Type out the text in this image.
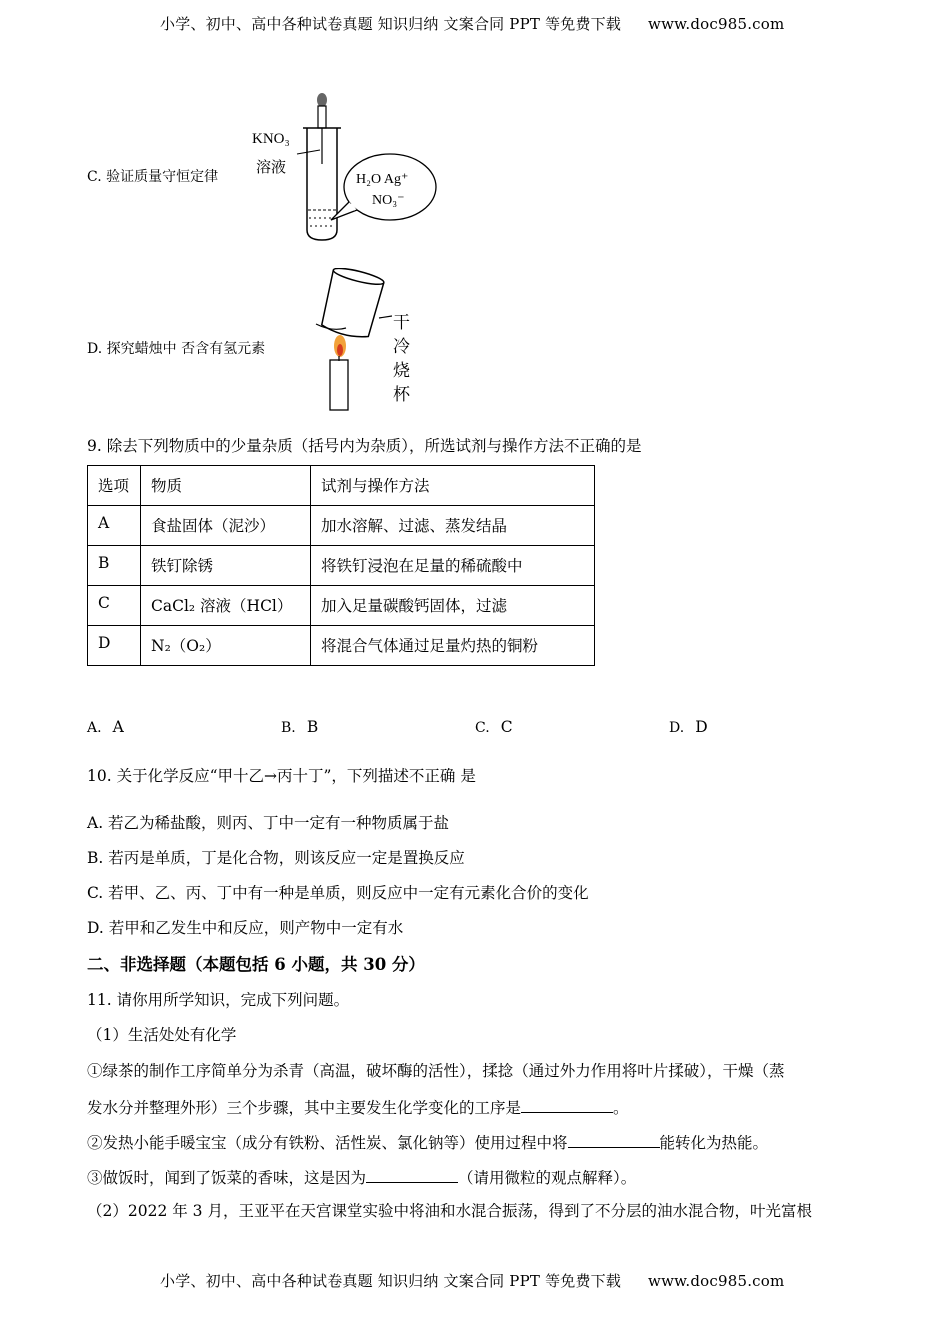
小学、初中、高中各种试卷真题 知识归纳 文案合同 PPT 等免费下载 www.doc985.com
C. 验证质量守恒定律
KNO₃
溶液
H₂O Ag⁺
NO₃⁻
D. 探究蜡烛中 否含有氢元素
干
冷
烧
杯
9. 除去下列物质中的少量杂质（括号内为杂质），所选试剂与操作方法不正确的是
选项	物质	试剂与操作方法
A	食盐固体（泥沙）	加水溶解、过滤、蒸发结晶
B	铁钉除锈	将铁钉浸泡在足量的稀硫酸中
C	CaCl₂ 溶液（HCl）	加入足量碳酸钙固体，过滤
D	N₂（O₂）	将混合气体通过足量灼热的铜粉
A. A	B. B	C. C	D. D
10. 关于化学反应“甲十乙→丙十丁”，下列描述不正确 是
A. 若乙为稀盐酸，则丙、丁中一定有一种物质属于盐
B. 若丙是单质，丁是化合物，则该反应一定是置换反应
C. 若甲、乙、丙、丁中有一种是单质，则反应中一定有元素化合价的变化
D. 若甲和乙发生中和反应，则产物中一定有水
二、非选择题（本题包括 6 小题，共 30 分）
11. 请你用所学知识，完成下列问题。
（1）生活处处有化学
①绿茶的制作工序简单分为杀青（高温，破坏酶的活性），揉捻（通过外力作用将叶片揉破），干燥（蒸
发水分并整理外形）三个步骤，其中主要发生化学变化的工序是	。
②发热小能手暖宝宝（成分有铁粉、活性炭、氯化钠等）使用过程中将	能转化为热能。
③做饭时，闻到了饭菜的香味，这是因为	（请用微粒的观点解释）。
（2）2022 年 3 月，王亚平在天宫课堂实验中将油和水混合振荡，得到了不分层的油水混合物，叶光富根
小学、初中、高中各种试卷真题 知识归纳 文案合同 PPT 等免费下载 www.doc985.com
